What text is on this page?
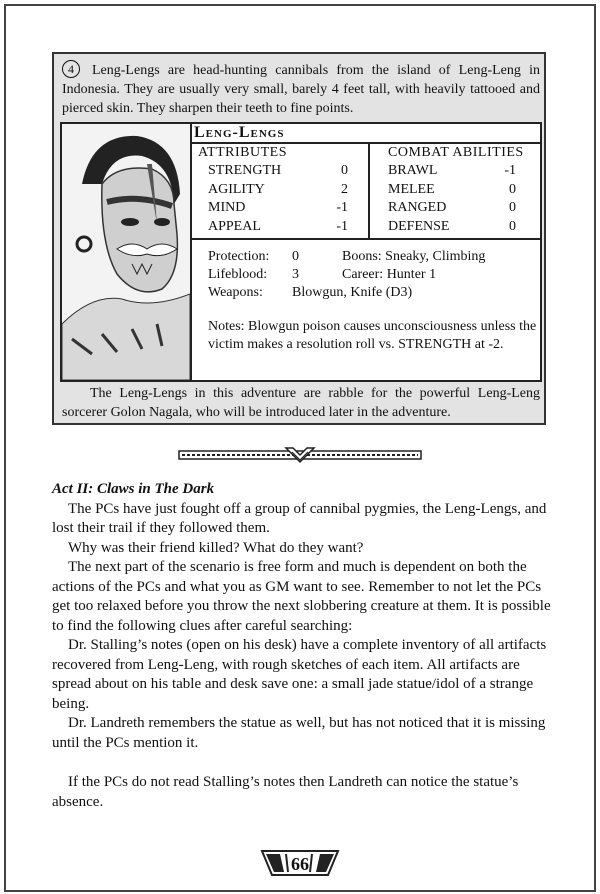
4 Leng-Lengs are head-hunting cannibals from the island of Leng-Leng in Indonesia. They are usually very small, barely 4 feet tall, with heavily tattooed and pierced skin. They sharpen their teeth to fine points.
Leng-Lengs
ATTRIBUTES
STRENGTH	0
AGILITY	2
MIND	-1
APPEAL	-1
COMBAT ABILITIES
BRAWL	-1
MELEE	0
RANGED	0
DEFENSE	0
Protection:	0	Boons: Sneaky, Climbing
Lifeblood:	3	Career: Hunter 1
Weapons:	Blowgun, Knife (D3)
Notes: Blowgun poison causes unconsciousness unless the victim makes a resolution roll vs. STRENGTH at -2.
The Leng-Lengs in this adventure are rabble for the powerful Leng-Leng sorcerer Golon Nagala, who will be introduced later in the adventure.

Act II: Claws in The Dark

The PCs have just fought off a group of cannibal pygmies, the Leng-Lengs, and lost their trail if they followed them.

Why was their friend killed? What do they want?

The next part of the scenario is free form and much is dependent on both the actions of the PCs and what you as GM want to see. Remember to not let the PCs get too relaxed before you throw the next slobbering creature at them. It is possible to find the following clues after careful searching:

Dr. Stalling’s notes (open on his desk) have a complete inventory of all artifacts recovered from Leng-Leng, with rough sketches of each item. All artifacts are spread about on his table and desk save one: a small jade statue/idol of a strange being.

Dr. Landreth remembers the statue as well, but has not noticed that it is missing until the PCs mention it.

If the PCs do not read Stalling’s notes then Landreth can notice the statue’s absence.

66
